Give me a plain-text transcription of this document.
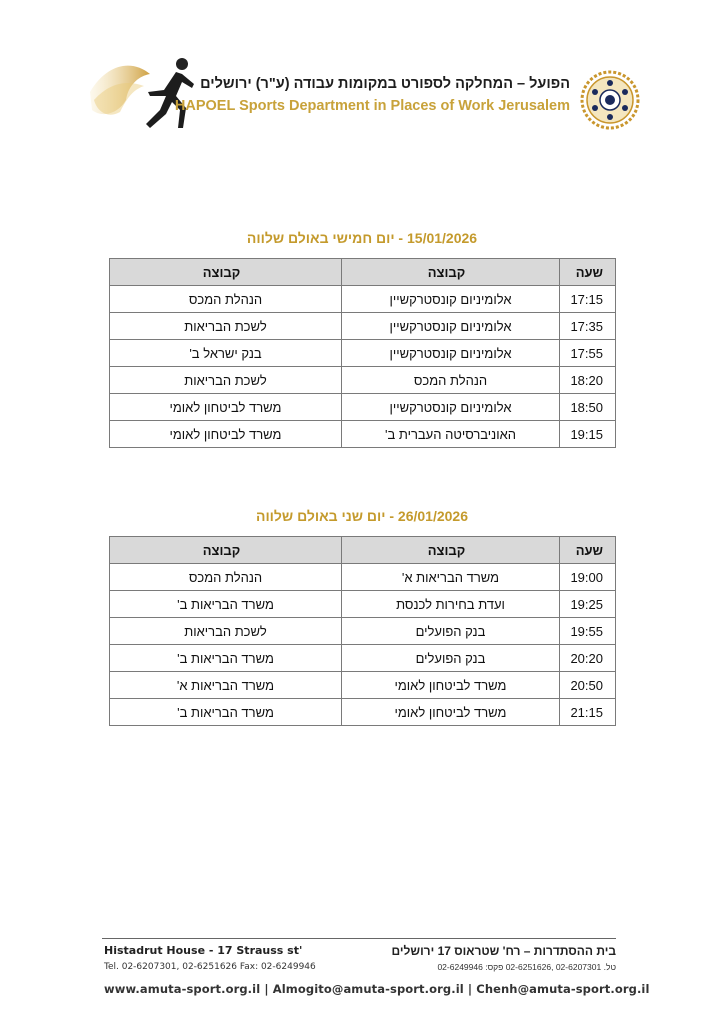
הפועל – המחלקה לספורט במקומות עבודה (ע"ר) ירושלים
HAPOEL Sports Department in Places of Work Jerusalem
15/01/2026 - יום חמישי באולם שלווה
שעה	קבוצה	קבוצה
17:15	אלומיניום קונסטרקשיין	הנהלת המכס
17:35	אלומיניום קונסטרקשיין	לשכת הבריאות
17:55	אלומיניום קונסטרקשיין	בנק ישראל ב'
18:20	הנהלת המכס	לשכת הבריאות
18:50	אלומיניום קונסטרקשיין	משרד לביטחון לאומי
19:15	האוניברסיטה העברית ב'	משרד לביטחון לאומי
26/01/2026 - יום שני באולם שלווה
שעה	קבוצה	קבוצה
19:00	משרד הבריאות א'	הנהלת המכס
19:25	ועדת בחירות לכנסת	משרד הבריאות ב'
19:55	בנק הפועלים	לשכת הבריאות
20:20	בנק הפועלים	משרד הבריאות ב'
20:50	משרד לביטחון לאומי	משרד הבריאות א'
21:15	משרד לביטחון לאומי	משרד הבריאות ב'
Histadrut House - 17 Strauss st'
Tel. 02-6207301, 02-6251626 Fax: 02-6249946
בית ההסתדרות – רח' שטראוס 17 ירושלים
טל. 02-6207301 ,02-6251626 פקס: 02-6249946
www.amuta-sport.org.il | Almogito@amuta-sport.org.il | Chenh@amuta-sport.org.il
